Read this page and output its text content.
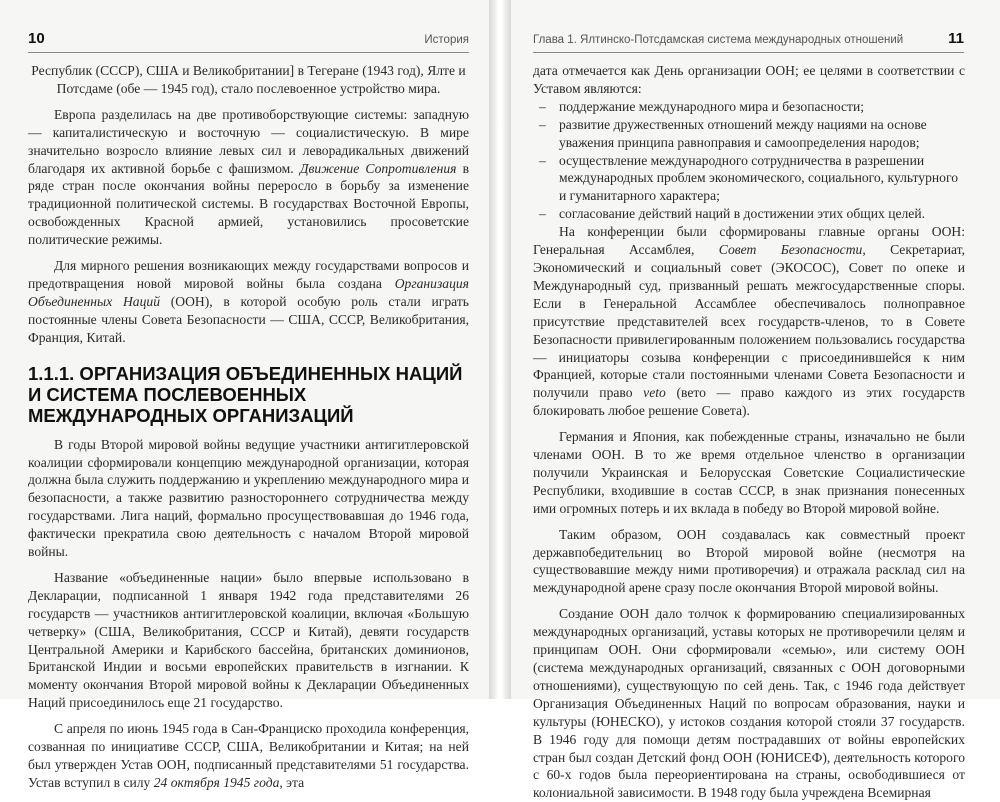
10	История

Республик (СССР), США и Великобритании] в Тегеране (1943 год), Ялте и Потсдаме (обе — 1945 год), стало послевоенное устройство мира.

Европа разделилась на две противоборствующие системы: западную — капиталистическую и восточную — социалистическую. В мире значительно возросло влияние левых сил и леворадикальных движений благодаря их активной борьбе с фашизмом. Движение Сопротивления в ряде стран после окончания войны переросло в борьбу за изменение традиционной политической системы. В государствах Восточной Европы, освобожденных Красной армией, установились просоветские политические режимы.

Для мирного решения возникающих между государствами вопросов и предотвращения новой мировой войны была создана Организация Объединенных Наций (ООН), в которой особую роль стали играть постоянные члены Совета Безопасности — США, СССР, Великобритания, Франция, Китай.

1.1.1. ОРГАНИЗАЦИЯ ОБЪЕДИНЕННЫХ НАЦИЙ И СИСТЕМА ПОСЛЕВОЕННЫХ МЕЖДУНАРОДНЫХ ОРГАНИЗАЦИЙ

В годы Второй мировой войны ведущие участники антигитлеровской коалиции сформировали концепцию международной организации, которая должна была служить поддержанию и укреплению международного мира и безопасности, а также развитию разностороннего сотрудничества между государствами. Лига наций, формально просуществовавшая до 1946 года, фактически прекратила свою деятельность с началом Второй мировой войны.

Название «объединенные нации» было впервые использовано в Декларации, подписанной 1 января 1942 года представителями 26 государств — участников антигитлеровской коалиции, включая «Большую четверку» (США, Великобритания, СССР и Китай), девяти государств Центральной Америки и Карибского бассейна, британских доминионов, Британской Индии и восьми европейских правительств в изгнании. К моменту окончания Второй мировой войны к Декларации Объединенных Наций присоединилось еще 21 государство.

С апреля по июнь 1945 года в Сан-Франциско проходила конференция, созванная по инициативе СССР, США, Великобритании и Китая; на ней был утвержден Устав ООН, подписанный представителями 51 государства. Устав вступил в силу 24 октября 1945 года, эта

Глава 1. Ялтинско-Потсдамская система международных отношений	11

дата отмечается как День организации ООН; ее целями в соответствии с Уставом являются:

– поддержание международного мира и безопасности;
– развитие дружественных отношений между нациями на основе уважения принципа равноправия и самоопределения народов;
– осуществление международного сотрудничества в разрешении международных проблем экономического, социального, культурного и гуманитарного характера;
– согласование действий наций в достижении этих общих целей.

На конференции были сформированы главные органы ООН: Генеральная Ассамблея, Совет Безопасности, Секретариат, Экономический и социальный совет (ЭКОСОС), Совет по опеке и Международный суд, призванный решать межгосударственные споры. Если в Генеральной Ассамблее обеспечивалось полноправное присутствие представителей всех государств-членов, то в Совете Безопасности привилегированным положением пользовались государства — инициаторы созыва конференции с присоединившейся к ним Францией, которые стали постоянными членами Совета Безопасности и получили право veto (вето — право каждого из этих государств блокировать любое решение Совета).

Германия и Япония, как побежденные страны, изначально не были членами ООН. В то же время отдельное членство в организации получили Украинская и Белорусская Советские Социалистические Республики, входившие в состав СССР, в знак признания понесенных ими огромных потерь и их вклада в победу во Второй мировой войне.

Таким образом, ООН создавалась как совместный проект державпобедительниц во Второй мировой войне (несмотря на существовавшие между ними противоречия) и отражала расклад сил на международной арене сразу после окончания Второй мировой войны.

Создание ООН дало толчок к формированию специализированных международных организаций, уставы которых не противоречили целям и принципам ООН. Они сформировали «семью», или систему ООН (система международных организаций, связанных с ООН договорными отношениями), существующую по сей день. Так, с 1946 года действует Организация Объединенных Наций по вопросам образования, науки и культуры (ЮНЕСКО), у истоков создания которой стояли 37 государств. В 1946 году для помощи детям пострадавших от войны европейских стран был создан Детский фонд ООН (ЮНИСЕФ), деятельность которого с 60-х годов была переориентирована на страны, освободившиеся от колониальной зависимости. В 1948 году была учреждена Всемирная
